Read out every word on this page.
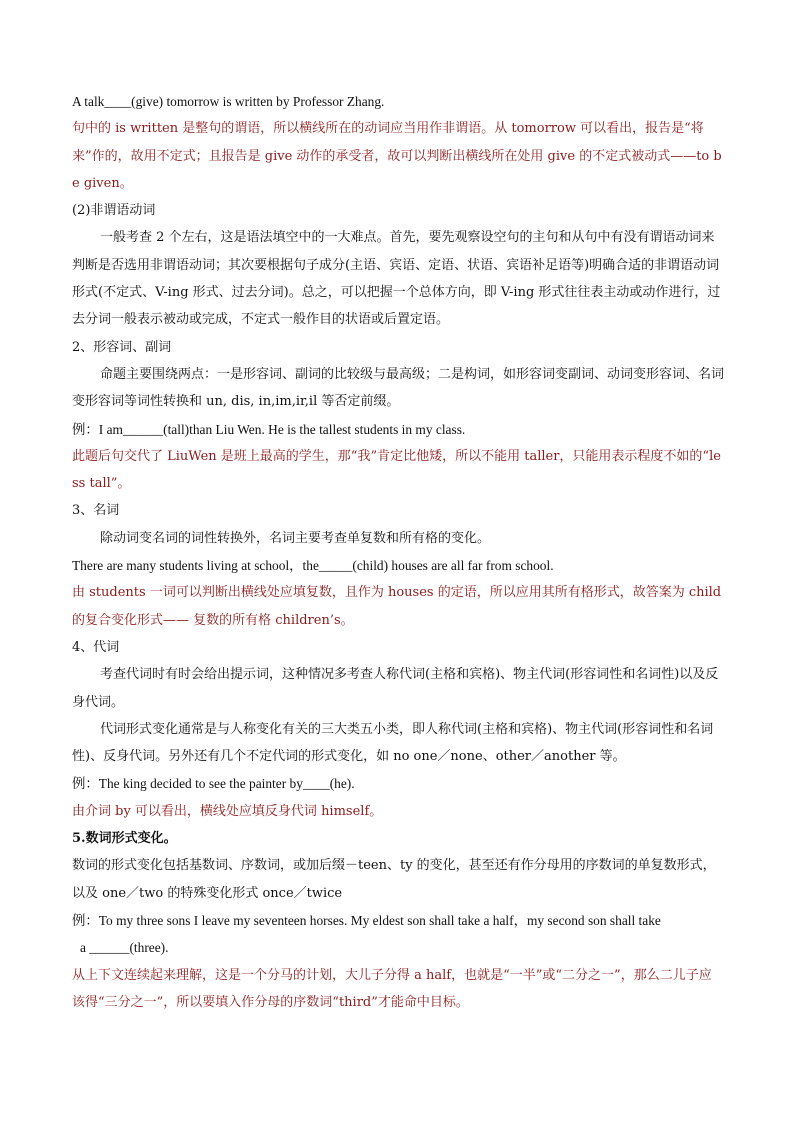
A talk____(give) tomorrow is written by Professor Zhang.

句中的 is written 是整句的谓语，所以横线所在的动词应当用作非谓语。从 tomorrow 可以看出，报告是“将来”作的，故用不定式；且报告是 give 动作的承受者，故可以判断出横线所在处用 give 的不定式被动式——to be given。

(2)非谓语动词

一般考查 2 个左右，这是语法填空中的一大难点。首先，要先观察设空句的主句和从句中有没有谓语动词来判断是否选用非谓语动词；其次要根据句子成分(主语、宾语、定语、状语、宾语补足语等)明确合适的非谓语动词形式(不定式、V-ing 形式、过去分词)。总之，可以把握一个总体方向，即 V-ing 形式往往表主动或动作进行，过去分词一般表示被动或完成，不定式一般作目的状语或后置定语。

2、形容词、副词

命题主要围绕两点：一是形容词、副词的比较级与最高级；二是构词，如形容词变副词、动词变形容词、名词变形容词等词性转换和 un, dis, in,im,ir,il 等否定前缀。

例：I am______(tall)than Liu Wen. He is the tallest students in my class.

此题后句交代了 LiuWen 是班上最高的学生，那“我”肯定比他矮，所以不能用 taller，只能用表示程度不如的“less tall”。

3、名词

除动词变名词的词性转换外，名词主要考查单复数和所有格的变化。

There are many students living at school，the_____(child) houses are all far from school.

由 students 一词可以判断出横线处应填复数，且作为 houses 的定语，所以应用其所有格形式，故答案为 child 的复合变化形式—— 复数的所有格 children’s。

4、代词

考查代词时有时会给出提示词，这种情况多考查人称代词(主格和宾格)、物主代词(形容词性和名词性)以及反身代词。

代词形式变化通常是与人称变化有关的三大类五小类，即人称代词(主格和宾格)、物主代词(形容词性和名词性)、反身代词。另外还有几个不定代词的形式变化，如 no one／none、other／another 等。

例：The king decided to see the painter by____(he).

由介词 by 可以看出，横线处应填反身代词 himself。

5.数词形式变化。

数词的形式变化包括基数词、序数词，或加后缀－teen、ty 的变化，甚至还有作分母用的序数词的单复数形式，以及 one／two 的特殊变化形式 once／twice

例：To my three sons I leave my seventeen horses. My eldest son shall take a half，my second son shall take

a ______(three).

从上下文连续起来理解，这是一个分马的计划，大儿子分得 a half，也就是“一半”或“二分之一”，那么二儿子应该得“三分之一”，所以要填入作分母的序数词“third”才能命中目标。
